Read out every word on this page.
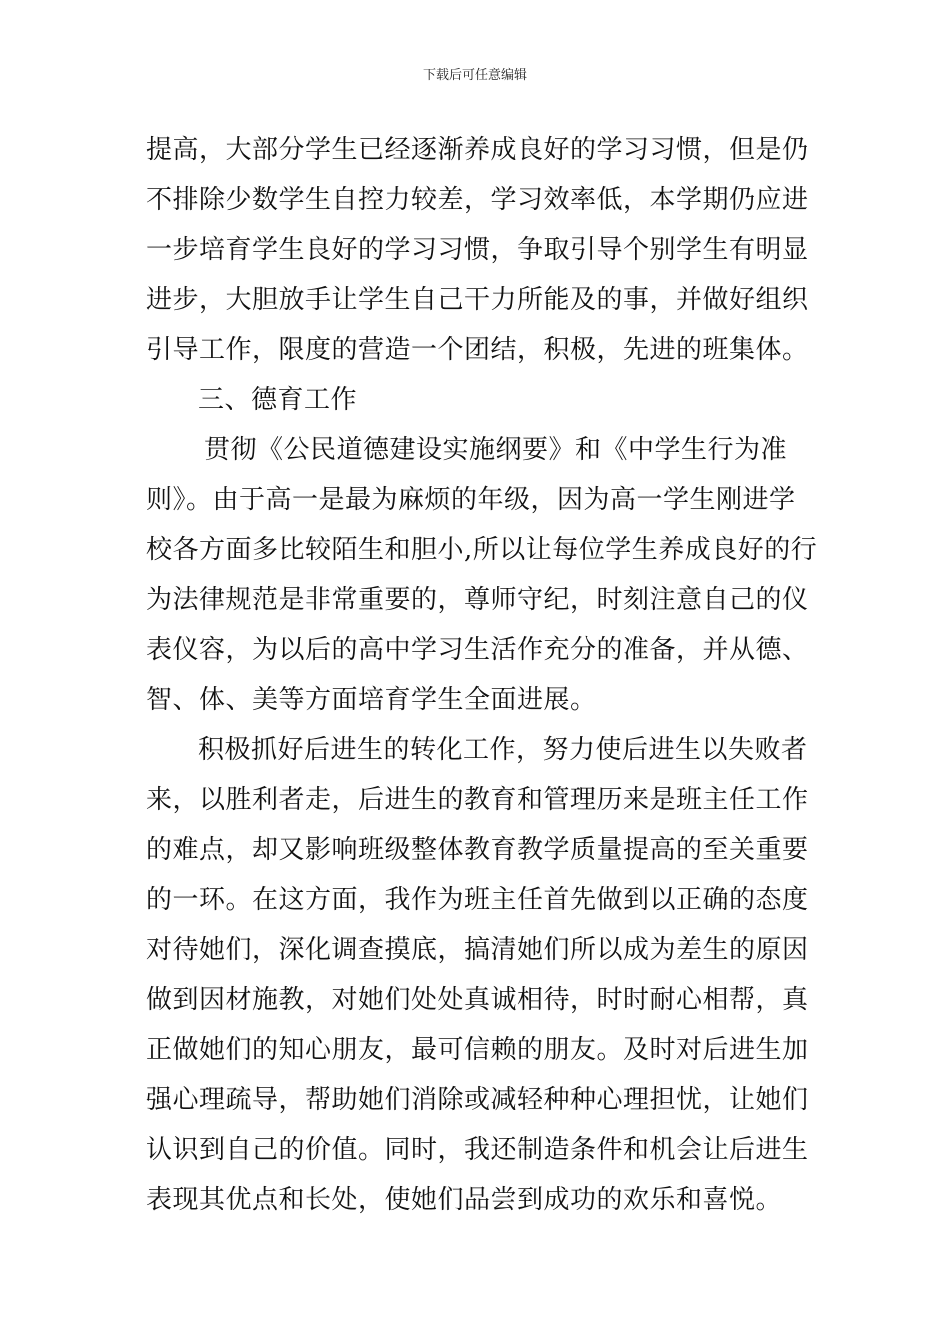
下载后可任意编辑
提高，大部分学生已经逐渐养成良好的学习习惯，但是仍
不排除少数学生自控力较差，学习效率低，本学期仍应进
一步培育学生良好的学习习惯，争取引导个别学生有明显
进步，大胆放手让学生自己干力所能及的事，并做好组织
引导工作，限度的营造一个团结，积极，先进的班集体。
三、德育工作
贯彻《公民道德建设实施纲要》和《中学生行为准
则》。由于高一是最为麻烦的年级，因为高一学生刚进学
校各方面多比较陌生和胆小,所以让每位学生养成良好的行
为法律规范是非常重要的，尊师守纪，时刻注意自己的仪
表仪容，为以后的高中学习生活作充分的准备，并从德、
智、体、美等方面培育学生全面进展。
积极抓好后进生的转化工作，努力使后进生以失败者
来，以胜利者走，后进生的教育和管理历来是班主任工作
的难点，却又影响班级整体教育教学质量提高的至关重要
的一环。在这方面，我作为班主任首先做到以正确的态度
对待她们，深化调查摸底，搞清她们所以成为差生的原因
做到因材施教，对她们处处真诚相待，时时耐心相帮，真
正做她们的知心朋友，最可信赖的朋友。及时对后进生加
强心理疏导，帮助她们消除或减轻种种心理担忧，让她们
认识到自己的价值。同时，我还制造条件和机会让后进生
表现其优点和长处，使她们品尝到成功的欢乐和喜悦。
